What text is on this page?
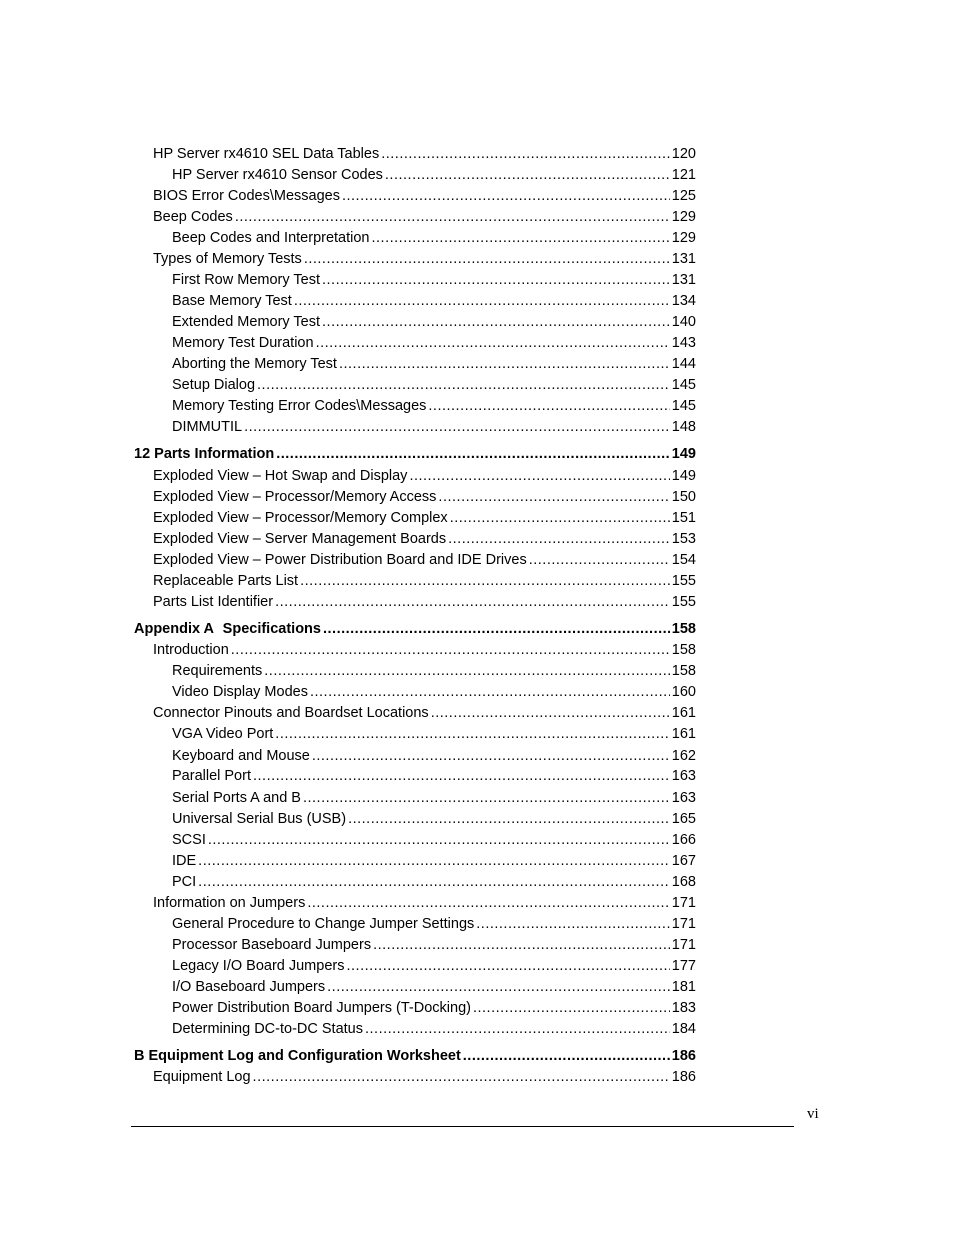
HP Server rx4610 SEL Data Tables .....	120
HP Server rx4610 Sensor Codes .....	121
BIOS Error Codes\Messages .....	125
Beep Codes .....	129
Beep Codes and Interpretation .....	129
Types of Memory Tests .....	131
First Row Memory Test .....	131
Base Memory Test .....	134
Extended Memory Test .....	140
Memory Test Duration .....	143
Aborting the Memory Test .....	144
Setup Dialog .....	145
Memory Testing Error Codes\Messages .....	145
DIMMUTIL .....	148
12 Parts Information .....	149
Exploded View – Hot Swap and Display .....	149
Exploded View – Processor/Memory Access .....	150
Exploded View – Processor/Memory Complex .....	151
Exploded View – Server Management Boards .....	153
Exploded View – Power Distribution Board and IDE Drives .....	154
Replaceable Parts List .....	155
Parts List Identifier .....	155
Appendix A Specifications .....	158
Introduction .....	158
Requirements .....	158
Video Display Modes .....	160
Connector Pinouts and Boardset Locations .....	161
VGA Video Port .....	161
Keyboard and Mouse .....	162
Parallel Port .....	163
Serial Ports A and B .....	163
Universal Serial Bus (USB) .....	165
SCSI .....	166
IDE .....	167
PCI .....	168
Information on Jumpers .....	171
General Procedure to Change Jumper Settings .....	171
Processor Baseboard Jumpers .....	171
Legacy I/O Board Jumpers .....	177
I/O Baseboard Jumpers .....	181
Power Distribution Board Jumpers (T-Docking) .....	183
Determining DC-to-DC Status .....	184
B Equipment Log and Configuration Worksheet .....	186
Equipment Log .....	186
vi
